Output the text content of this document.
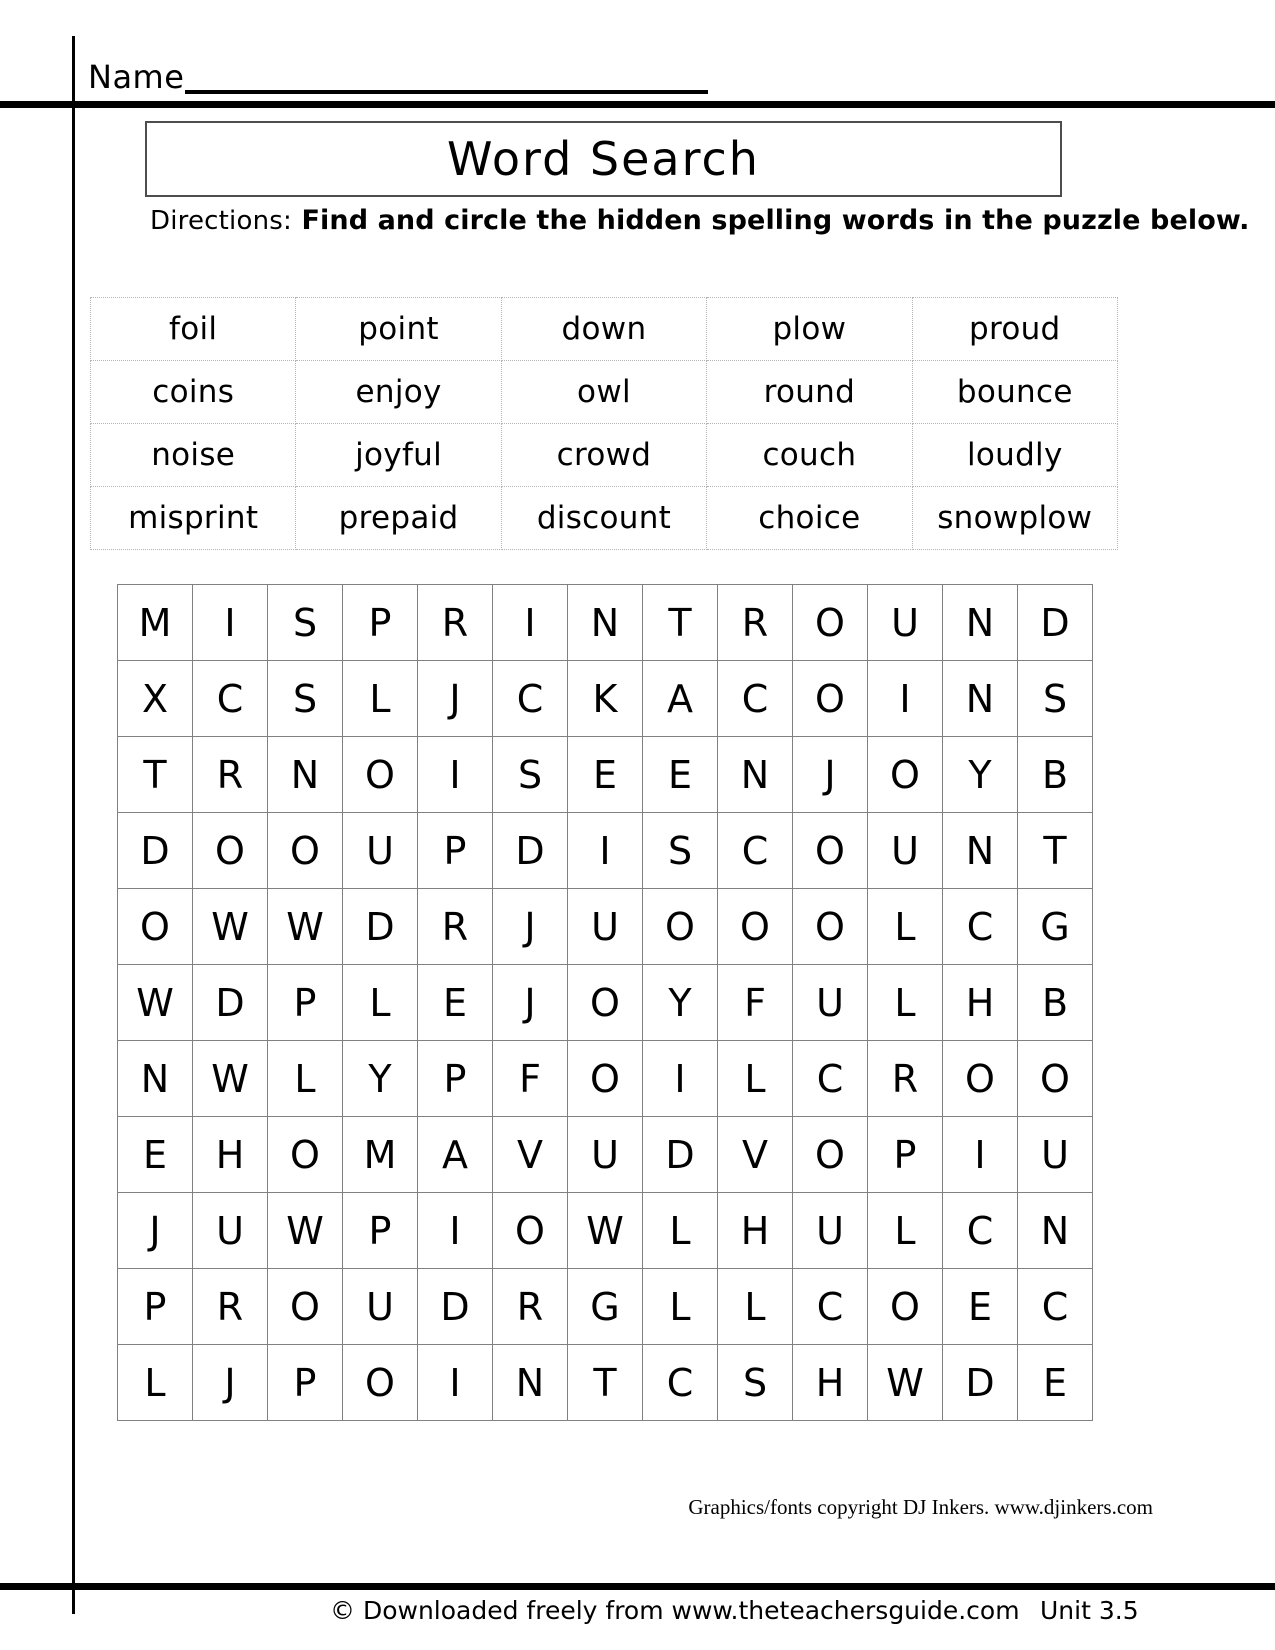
Name
Word Search
Directions: Find and circle the hidden spelling words in the puzzle below.
foil	point	down	plow	proud
coins	enjoy	owl	round	bounce
noise	joyful	crowd	couch	loudly
misprint	prepaid	discount	choice	snowplow
M	I	S	P	R	I	N	T	R	O	U	N	D
X	C	S	L	J	C	K	A	C	O	I	N	S
T	R	N	O	I	S	E	E	N	J	O	Y	B
D	O	O	U	P	D	I	S	C	O	U	N	T
O	W	W	D	R	J	U	O	O	O	L	C	G
W	D	P	L	E	J	O	Y	F	U	L	H	B
N	W	L	Y	P	F	O	I	L	C	R	O	O
E	H	O	M	A	V	U	D	V	O	P	I	U
J	U	W	P	I	O	W	L	H	U	L	C	N
P	R	O	U	D	R	G	L	L	C	O	E	C
L	J	P	O	I	N	T	C	S	H	W	D	E
Graphics/fonts copyright DJ Inkers. www.djinkers.com
© Downloaded freely from www.theteachersguide.com Unit 3.5
